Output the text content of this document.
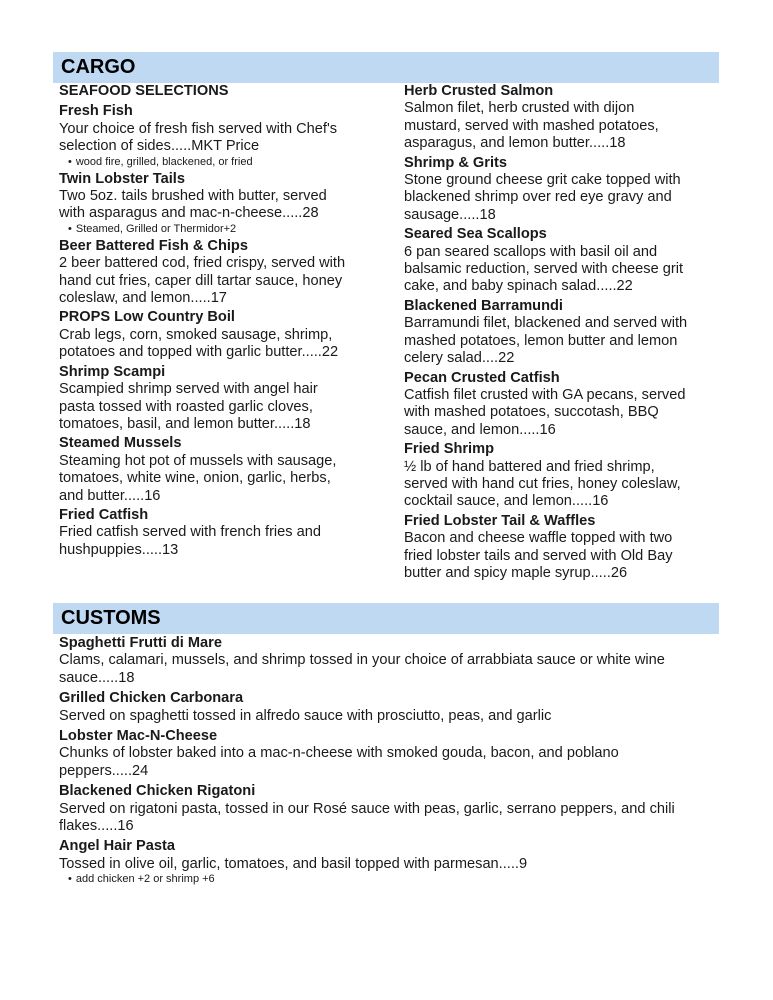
CARGO
SEAFOOD SELECTIONS
Fresh Fish
Your choice of fresh fish served with Chef's selection of sides.....MKT Price
• wood fire, grilled, blackened, or fried
Twin Lobster Tails
Two 5oz. tails brushed with butter, served with asparagus and mac-n-cheese.....28
• Steamed, Grilled or Thermidor+2
Beer Battered Fish & Chips
2 beer battered cod, fried crispy, served with hand cut fries, caper dill tartar sauce, honey coleslaw, and lemon.....17
PROPS Low Country Boil
Crab legs, corn, smoked sausage, shrimp, potatoes and topped with garlic butter.....22
Shrimp Scampi
Scampied shrimp served with angel hair pasta tossed with roasted garlic cloves, tomatoes, basil, and lemon butter.....18
Steamed Mussels
Steaming hot pot of mussels with sausage, tomatoes, white wine, onion, garlic, herbs, and butter.....16
Fried Catfish
Fried catfish served with french fries and hushpuppies.....13
Herb Crusted Salmon
Salmon filet, herb crusted with dijon mustard, served with mashed potatoes, asparagus, and lemon butter.....18
Shrimp & Grits
Stone ground cheese grit cake topped with blackened shrimp over red eye gravy and sausage.....18
Seared Sea Scallops
6 pan seared scallops with basil oil and balsamic reduction, served with cheese grit cake, and baby spinach salad.....22
Blackened Barramundi
Barramundi filet, blackened and served with mashed potatoes, lemon butter and lemon celery salad....22
Pecan Crusted Catfish
Catfish filet crusted with GA pecans, served with mashed potatoes, succotash, BBQ sauce, and lemon.....16
Fried Shrimp
½ lb of hand battered and fried shrimp, served with hand cut fries, honey coleslaw, cocktail sauce, and lemon.....16
Fried Lobster Tail & Waffles
Bacon and cheese waffle topped with two fried lobster tails and served with Old Bay butter and spicy maple syrup.....26
CUSTOMS
Spaghetti Frutti di Mare
Clams, calamari, mussels, and shrimp tossed in your choice of arrabbiata sauce or white wine sauce.....18
Grilled Chicken Carbonara
Served on spaghetti tossed in alfredo sauce with prosciutto, peas, and garlic
Lobster Mac-N-Cheese
Chunks of lobster baked into a mac-n-cheese with smoked gouda, bacon, and poblano peppers.....24
Blackened Chicken Rigatoni
Served on rigatoni pasta, tossed in our Rosé sauce with peas, garlic, serrano peppers, and chili flakes.....16
Angel Hair Pasta
Tossed in olive oil, garlic, tomatoes, and basil topped with parmesan.....9
• add chicken +2 or shrimp +6
